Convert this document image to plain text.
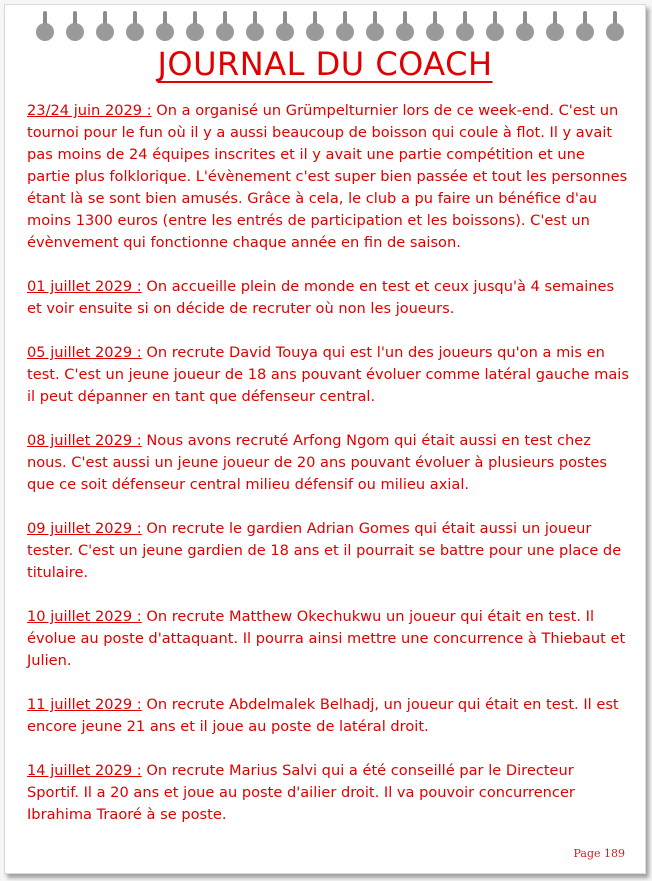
JOURNAL DU COACH

23/24 juin 2029 : On a organisé un Grümpelturnier lors de ce week-end. C'est un tournoi pour le fun où il y a aussi beaucoup de boisson qui coule à flot. Il y avait pas moins de 24 équipes inscrites et il y avait une partie compétition et une partie plus folklorique. L'évènement c'est super bien passée et tout les personnes étant là se sont bien amusés. Grâce à cela, le club a pu faire un bénéfice d'au moins 1300 euros (entre les entrés de participation et les boissons). C'est un évènvement qui fonctionne chaque année en fin de saison.

01 juillet 2029 : On accueille plein de monde en test et ceux jusqu'à 4 semaines et voir ensuite si on décide de recruter où non les joueurs.

05 juillet 2029 : On recrute David Touya qui est l'un des joueurs qu'on a mis en test. C'est un jeune joueur de 18 ans pouvant évoluer comme latéral gauche mais il peut dépanner en tant que défenseur central.

08 juillet 2029 : Nous avons recruté Arfong Ngom qui était aussi en test chez nous. C'est aussi un jeune joueur de 20 ans pouvant évoluer à plusieurs postes que ce soit défenseur central milieu défensif ou milieu axial.

09 juillet 2029 : On recrute le gardien Adrian Gomes qui était aussi un joueur tester. C'est un jeune gardien de 18 ans et il pourrait se battre pour une place de titulaire.

10 juillet 2029 : On recrute Matthew Okechukwu un joueur qui était en test. Il évolue au poste d'attaquant. Il pourra ainsi mettre une concurrence à Thiebaut et Julien.

11 juillet 2029 : On recrute Abdelmalek Belhadj, un joueur qui était en test. Il est encore jeune 21 ans et il joue au poste de latéral droit.

14 juillet 2029 : On recrute Marius Salvi qui a été conseillé par le Directeur Sportif. Il a 20 ans et joue au poste d'ailier droit. Il va pouvoir concurrencer Ibrahima Traoré à se poste.

Page 189
